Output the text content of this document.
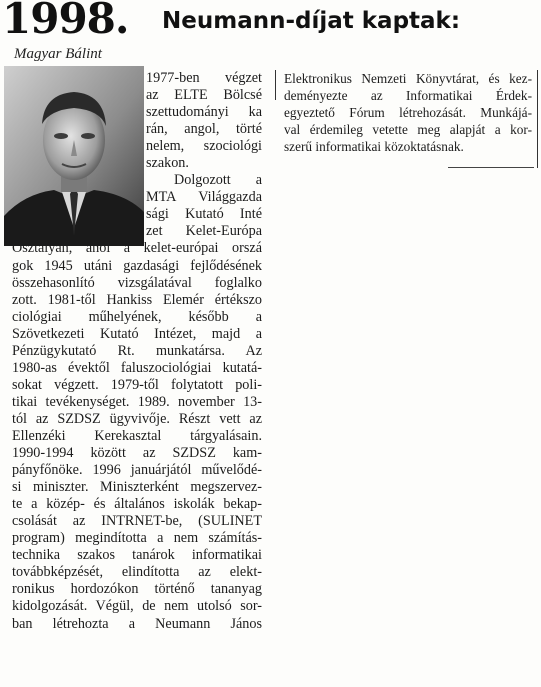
1998. Neumann-díjat kaptak:
Magyar Bálint
1977-ben végzet
az ELTE Bölcsé
szettudományi ka
rán, angol, törté
nelem, szociológi
szakon.
Dolgozott a
MTA Világgazda
sági Kutató Inté
zet Kelet-Európa
Osztályán, ahol a kelet-európai orszá
gok 1945 utáni gazdasági fejlődésének
összehasonlító vizsgálatával foglalko
zott. 1981-től Hankiss Elemér értékszo
ciológiai műhelyének, később a
Szövetkezeti Kutató Intézet, majd a
Pénzügykutató Rt. munkatársa. Az
1980-as évektől faluszociológiai kutatá-
sokat végzett. 1979-től folytatott poli-
tikai tevékenységet. 1989. november 13-
tól az SZDSZ ügyvivője. Részt vett az
Ellenzéki Kerekasztal tárgyalásain.
1990-1994 között az SZDSZ kam-
pányfőnöke. 1996 januárjától művelődé-
si miniszter. Miniszterként megszervez-
te a közép- és általános iskolák bekap-
csolását az INTRNET-be, (SULINET
program) megindította a nem számítás-
technika szakos tanárok informatikai
továbbképzését, elindította az elekt-
ronikus hordozókon történő tananyag
kidolgozását. Végül, de nem utolsó sor-
ban létrehozta a Neumann János
Elektronikus Nemzeti Könyvtárat, és kez-
deményezte az Informatikai Érdek-
egyeztető Fórum létrehozását. Munkájá-
val érdemileg vetette meg alapját a kor-
szerű informatikai közoktatásnak.
